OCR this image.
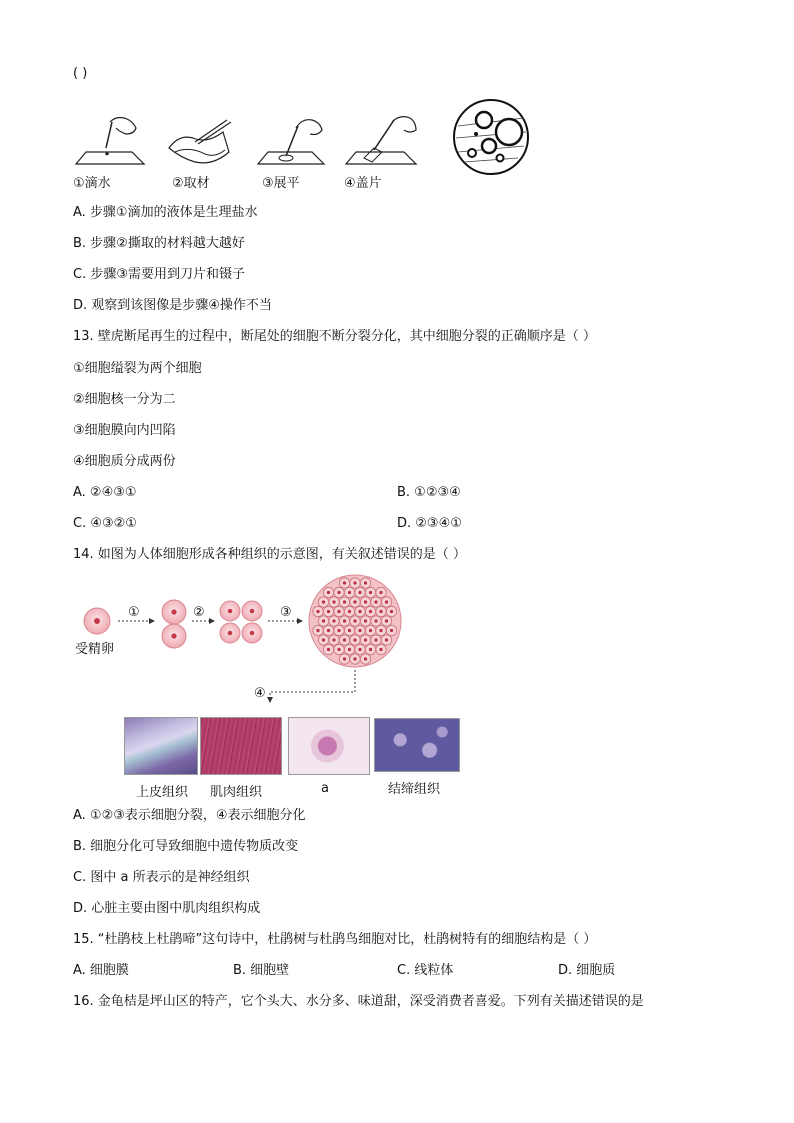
( )
①滴水	②取材	③展平	④盖片
A. 步骤①滴加的液体是生理盐水
B. 步骤②撕取的材料越大越好
C. 步骤③需要用到刀片和镊子
D. 观察到该图像是步骤④操作不当
13. 壁虎断尾再生的过程中，断尾处的细胞不断分裂分化，其中细胞分裂的正确顺序是（ ）
①细胞缢裂为两个细胞
②细胞核一分为二
③细胞膜向内凹陷
④细胞质分成两份
A. ②④③①	B. ①②③④
C. ④③②①	D. ②③④①
14. 如图为人体细胞形成各种组织的示意图，有关叙述错误的是（ ）
受精卵
①	②	③
④
上皮组织 肌肉组织	a	结缔组织
A. ①②③表示细胞分裂，④表示细胞分化
B. 细胞分化可导致细胞中遗传物质改变
C. 图中 a 所表示的是神经组织
D. 心脏主要由图中肌肉组织构成
15. “杜鹃枝上杜鹃啼”这句诗中，杜鹃树与杜鹃鸟细胞对比，杜鹃树特有的细胞结构是（ ）
A. 细胞膜	B. 细胞壁	C. 线粒体	D. 细胞质
16. 金龟桔是坪山区的特产，它个头大、水分多、味道甜，深受消费者喜爱。下列有关描述错误的是
